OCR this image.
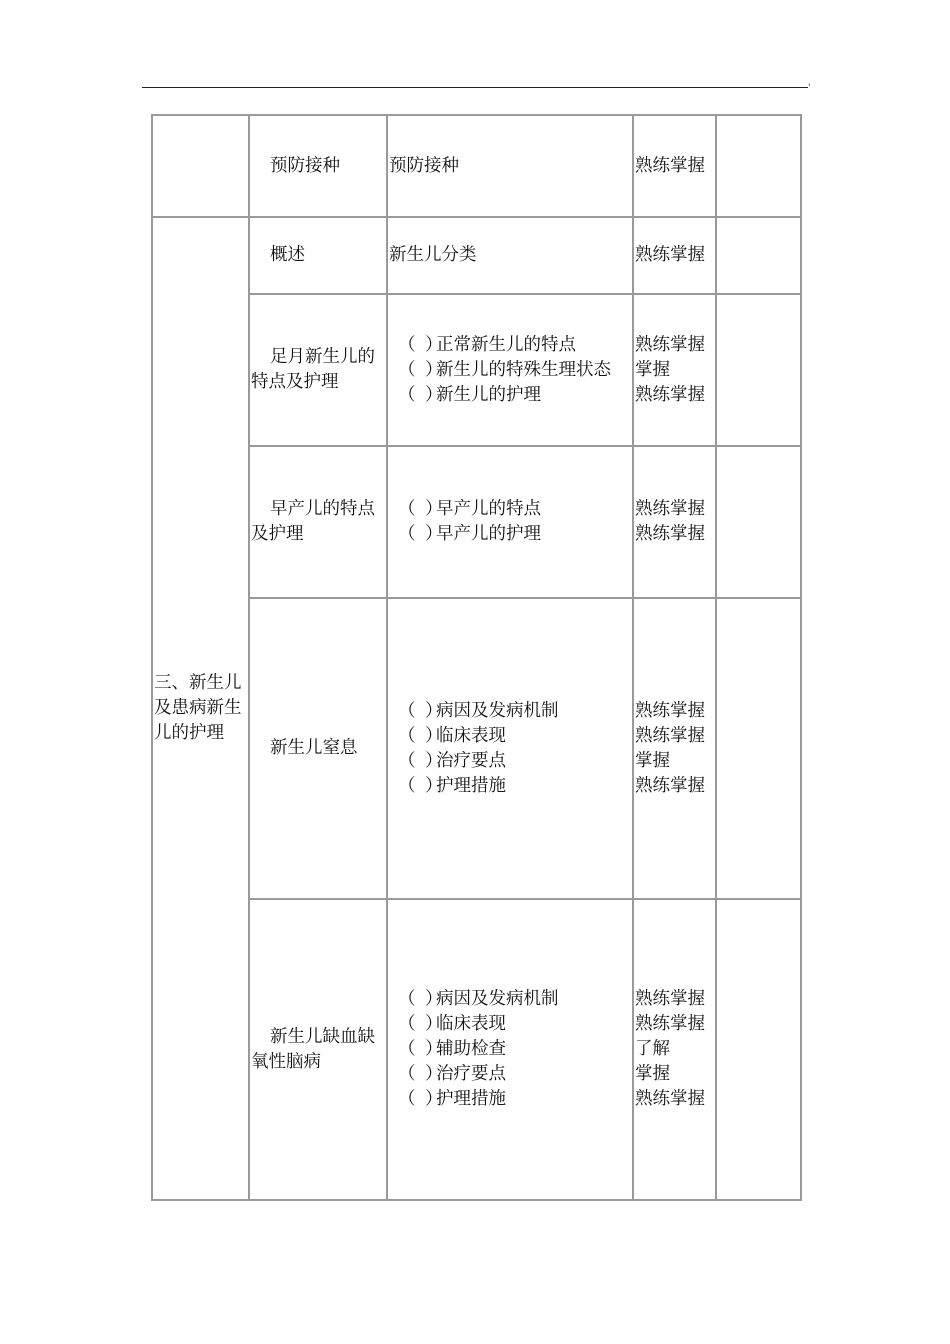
'
	预防接种	预防接种	熟练掌握	

三、新生儿及患病新生儿的护理	概述	新生儿分类	熟练掌握	

	足月新生儿的特点及护理	（ ）正常新生儿的特点
（ ）新生儿的特殊生理状态
（ ）新生儿的护理	熟练掌握
掌握
熟练掌握	

	早产儿的特点及护理	（ ）早产儿的特点
（ ）早产儿的护理	熟练掌握
熟练掌握	

	新生儿窒息	（ ）病因及发病机制
（ ）临床表现
（ ）治疗要点
（ ）护理措施	熟练掌握
熟练掌握
掌握
熟练掌握	

	新生儿缺血缺氧性脑病	（ ）病因及发病机制
（ ）临床表现
（ ）辅助检查
（ ）治疗要点
（ ）护理措施	熟练掌握
熟练掌握
了解
掌握
熟练掌握	
